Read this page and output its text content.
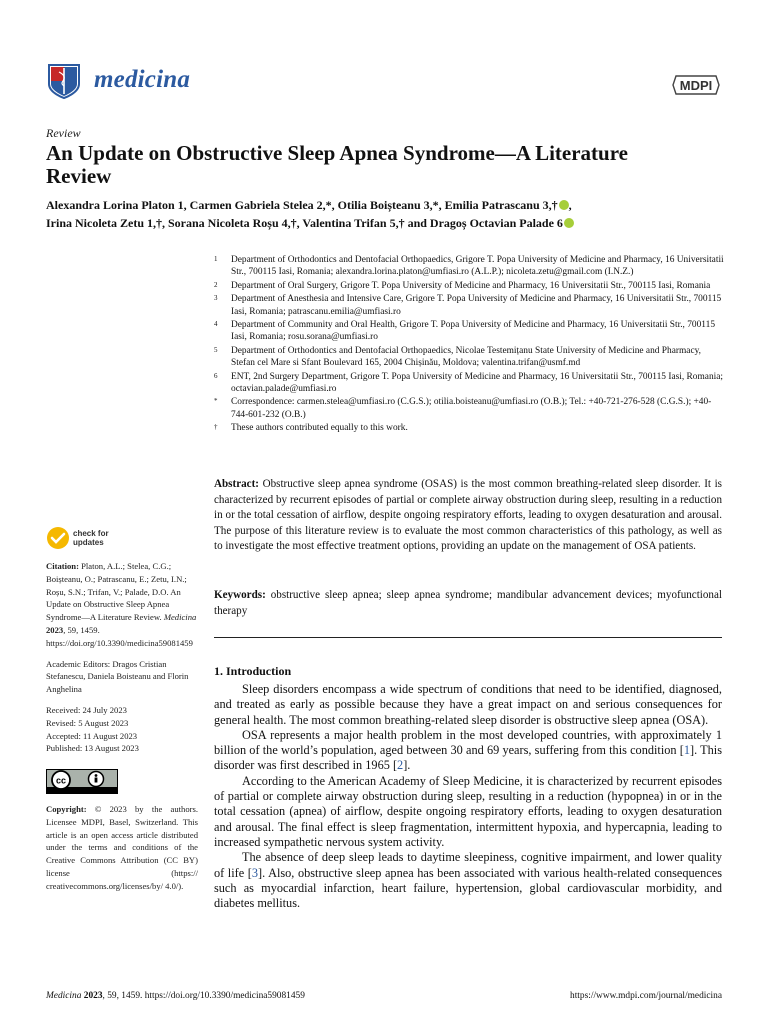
medicina	MDPI
Review
An Update on Obstructive Sleep Apnea Syndrome—A Literature Review
Alexandra Lorina Platon 1, Carmen Gabriela Stelea 2,*, Otilia Boișteanu 3,*, Emilia Patrascanu 3,† ,
Irina Nicoleta Zetu 1,†, Sorana Nicoleta Roșu 4,†, Valentina Trifan 5,† and Dragoș Octavian Palade 6
1	Department of Orthodontics and Dentofacial Orthopaedics, Grigore T. Popa University of Medicine and Pharmacy, 16 Universitatii Str., 700115 Iasi, Romania; alexandra.lorina.platon@umfiasi.ro (A.L.P.); nicoleta.zetu@gmail.com (I.N.Z.)
2	Department of Oral Surgery, Grigore T. Popa University of Medicine and Pharmacy, 16 Universitatii Str., 700115 Iasi, Romania
3	Department of Anesthesia and Intensive Care, Grigore T. Popa University of Medicine and Pharmacy, 16 Universitatii Str., 700115 Iasi, Romania; patrascanu.emilia@umfiasi.ro
4	Department of Community and Oral Health, Grigore T. Popa University of Medicine and Pharmacy, 16 Universitatii Str., 700115 Iasi, Romania; rosu.sorana@umfiasi.ro
5	Department of Orthodontics and Dentofacial Orthopaedics, Nicolae Testemițanu State University of Medicine and Pharmacy, Stefan cel Mare si Sfant Boulevard 165, 2004 Chișinău, Moldova; valentina.trifan@usmf.md
6	ENT, 2nd Surgery Department, Grigore T. Popa University of Medicine and Pharmacy, 16 Universitatii Str., 700115 Iasi, Romania; octavian.palade@umfiasi.ro
*	Correspondence: carmen.stelea@umfiasi.ro (C.G.S.); otilia.boisteanu@umfiasi.ro (O.B.); Tel.: +40-721-276-528 (C.G.S.); +40-744-601-232 (O.B.)
†	These authors contributed equally to this work.
Abstract: Obstructive sleep apnea syndrome (OSAS) is the most common breathing-related sleep disorder. It is characterized by recurrent episodes of partial or complete airway obstruction during sleep, resulting in a reduction in or the total cessation of airflow, despite ongoing respiratory efforts, leading to oxygen desaturation and arousal. The purpose of this literature review is to evaluate the most common characteristics of this pathology, as well as to investigate the most effective treatment options, providing an update on the management of OSA patients.
Keywords: obstructive sleep apnea; sleep apnea syndrome; mandibular advancement devices; myofunctional therapy
1. Introduction

Sleep disorders encompass a wide spectrum of conditions that need to be identified, diagnosed, and treated as early as possible because they have a great impact on and serious consequences for general health. The most common breathing-related sleep disorder is obstructive sleep apnea (OSA).

OSA represents a major health problem in the most developed countries, with approximately 1 billion of the world’s population, aged between 30 and 69 years, suffering from this condition [1]. This disorder was first described in 1965 [2].

According to the American Academy of Sleep Medicine, it is characterized by recurrent episodes of partial or complete airway obstruction during sleep, resulting in a reduction (hypopnea) in or in the total cessation (apnea) of airflow, despite ongoing respiratory efforts, leading to oxygen desaturation and arousal. The final effect is sleep fragmentation, intermittent hypoxia, and hypercapnia, leading to increased sympathetic nervous system activity.

The absence of deep sleep leads to daytime sleepiness, cognitive impairment, and lower quality of life [3]. Also, obstructive sleep apnea has been associated with various health-related consequences such as myocardial infarction, heart failure, hypertension, global cardiovascular morbidity, and diabetes mellitus.

check for
updates
Citation: Platon, A.L.; Stelea, C.G.; Boișteanu, O.; Patrascanu, E.; Zetu, I.N.; Roșu, S.N.; Trifan, V.; Palade, D.O. An Update on Obstructive Sleep Apnea Syndrome—A Literature Review. Medicina 2023, 59, 1459. https://doi.org/10.3390/medicina59081459
Academic Editors: Dragos Cristian Stefanescu, Daniela Boisteanu and Florin Anghelina
Received: 24 July 2023
Revised: 5 August 2023
Accepted: 11 August 2023
Published: 13 August 2023
cc
Copyright: © 2023 by the authors. Licensee MDPI, Basel, Switzerland. This article is an open access article distributed under the terms and conditions of the Creative Commons Attribution (CC BY) license (https:// creativecommons.org/licenses/by/ 4.0/).
Medicina 2023, 59, 1459. https://doi.org/10.3390/medicina59081459	https://www.mdpi.com/journal/medicina
